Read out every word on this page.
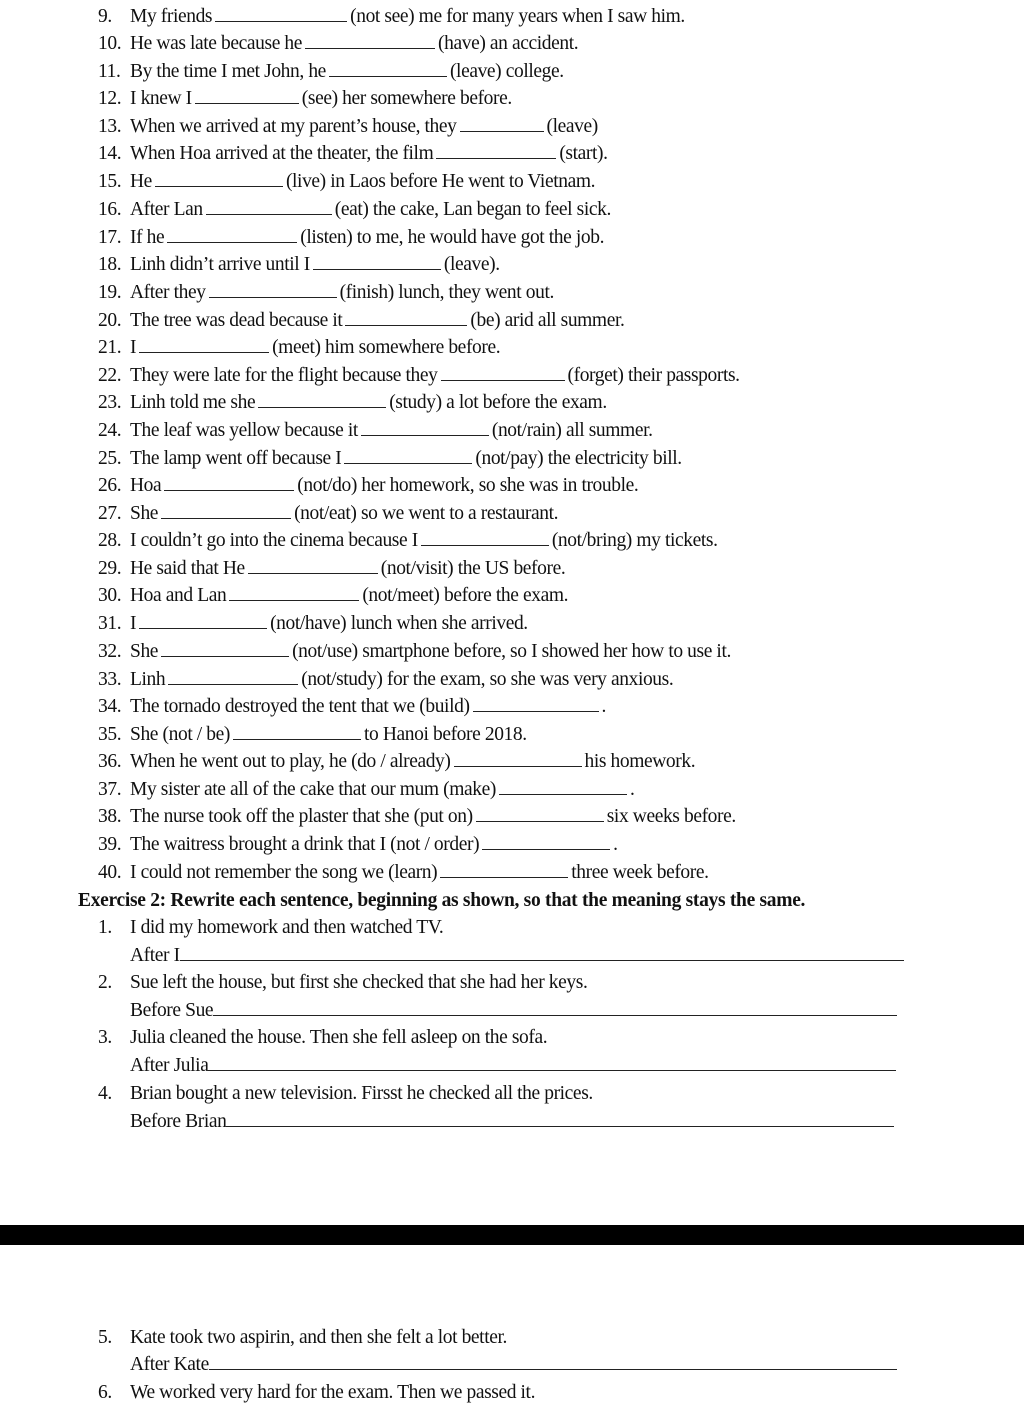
9. My friends	(not see) me for many years when I saw him.
10. He was late because he	(have) an accident.
11. By the time I met John, he	(leave) college.
12. I knew I	(see) her somewhere before.
13. When we arrived at my parent’s house, they	(leave)
14. When Hoa arrived at the theater, the film	(start).
15. He	(live) in Laos before He went to Vietnam.
16. After Lan	(eat) the cake, Lan began to feel sick.
17. If he	(listen) to me, he would have got the job.
18. Linh didn’t arrive until I	(leave).
19. After they	(finish) lunch, they went out.
20. The tree was dead because it	(be) arid all summer.
21. I	(meet) him somewhere before.
22. They were late for the flight because they	(forget) their passports.
23. Linh told me she	(study) a lot before the exam.
24. The leaf was yellow because it	(not/rain) all summer.
25. The lamp went off because I	(not/pay) the electricity bill.
26. Hoa	(not/do) her homework, so she was in trouble.
27. She	(not/eat) so we went to a restaurant.
28. I couldn’t go into the cinema because I	(not/bring) my tickets.
29. He said that He	(not/visit) the US before.
30. Hoa and Lan	(not/meet) before the exam.
31. I	(not/have) lunch when she arrived.
32. She	(not/use) smartphone before, so I showed her how to use it.
33. Linh	(not/study) for the exam, so she was very anxious.
34. The tornado destroyed the tent that we (build)	.
35. She (not / be)	to Hanoi before 2018.
36. When he went out to play, he (do / already)	his homework.
37. My sister ate all of the cake that our mum (make)	.
38. The nurse took off the plaster that she (put on)	six weeks before.
39. The waitress brought a drink that I (not / order)	.
40. I could not remember the song we (learn)	three week before.
Exercise 2: Rewrite each sentence, beginning as shown, so that the meaning stays the same.
1. I did my homework and then watched TV.
After I
2. Sue left the house, but first she checked that she had her keys.
Before Sue
3. Julia cleaned the house. Then she fell asleep on the sofa.
After Julia
4. Brian bought a new television. Firsst he checked all the prices.
Before Brian
5. Kate took two aspirin, and then she felt a lot better.
After Kate
6. We worked very hard for the exam. Then we passed it.
